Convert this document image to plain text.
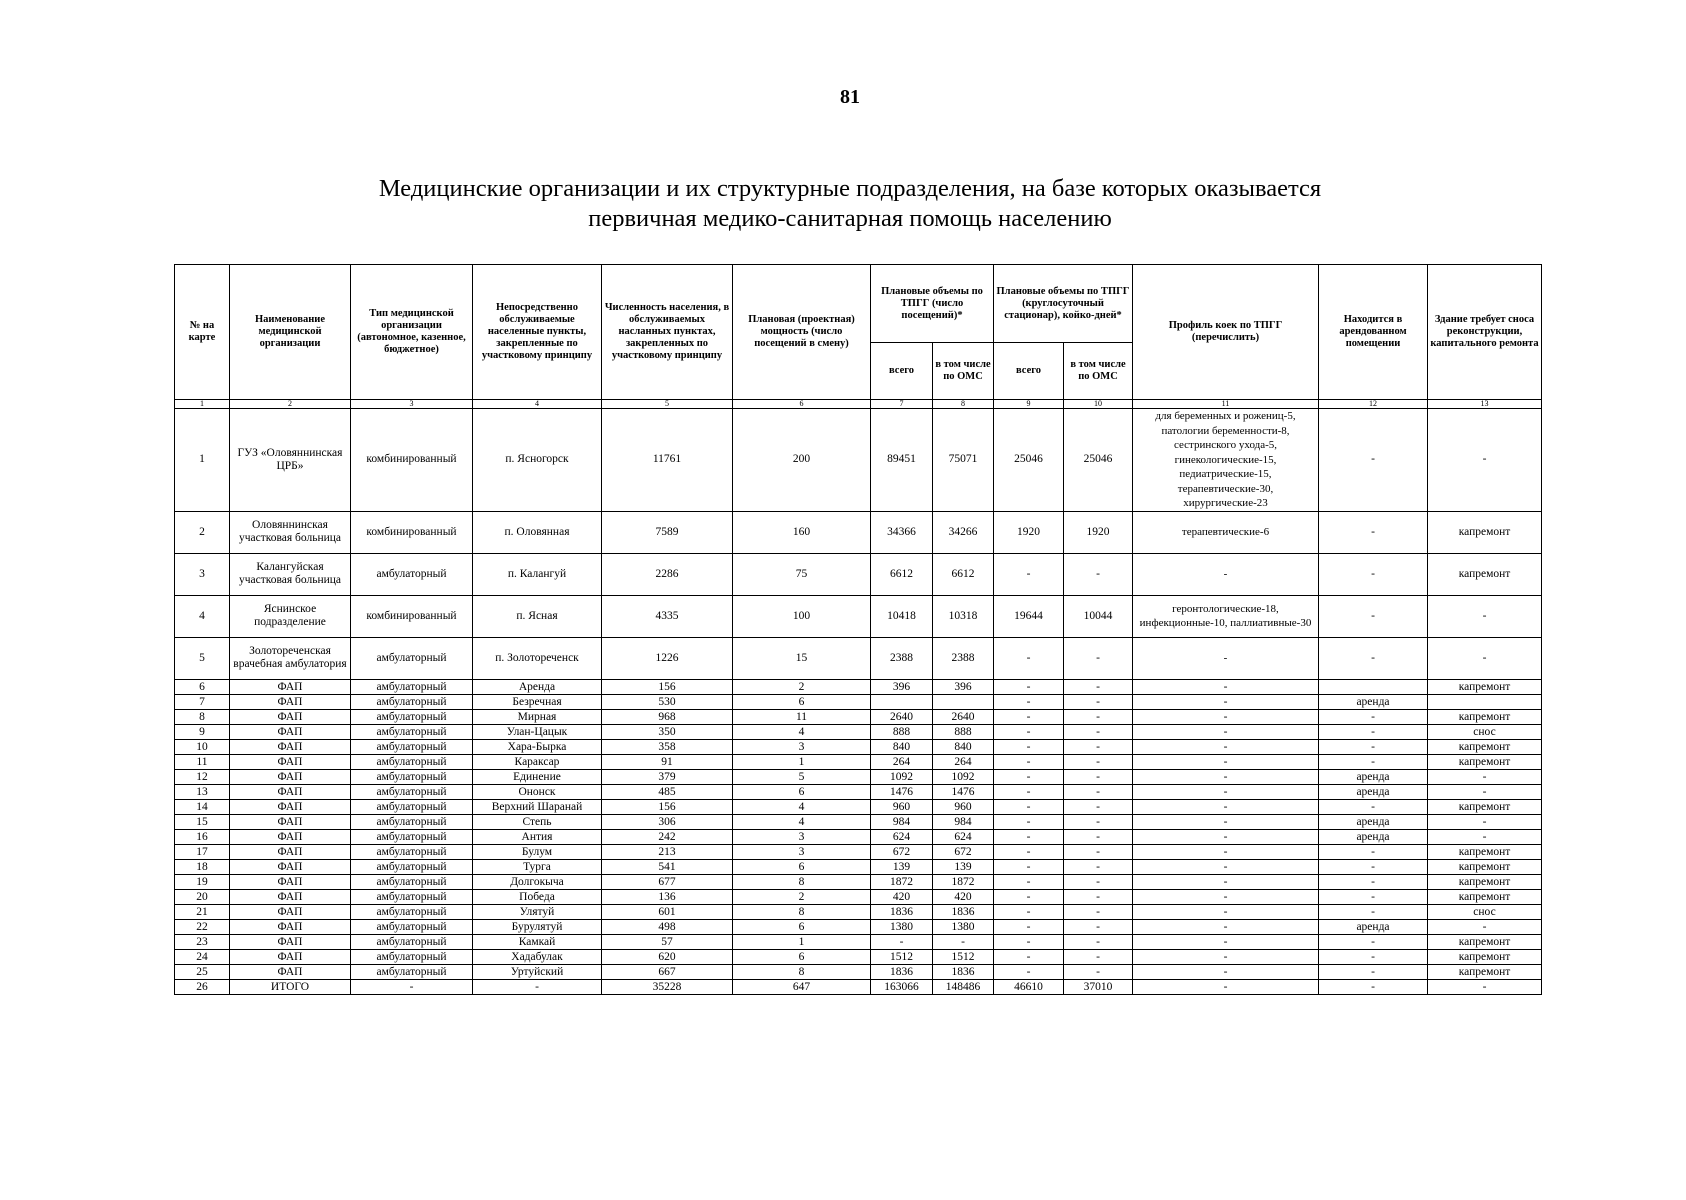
81
Медицинские организации и их структурные подразделения, на базе которых оказывается
первичная медико-санитарная помощь населению
№ на карте	Наименование медицинской организации	Тип медицинской организации (автономное, казенное, бюджетное)	Непосредственно обслуживаемые населенные пункты, закрепленные по участковому принципу	Численность населения, в обслуживаемых насланных пунктах, закрепленных по участковому принципу	Плановая (проектная) мощность (число посещений в смену)	Плановые объемы по ТПГГ (число посещений)*		Плановые объемы по ТПГГ (круглосуточный стационар), койко-дней*		Профиль коек по ТПГГ (перечислить)	Находится в арендованном помещении	Здание требует сноса реконструкции, капитального ремонта
						всего	в том числе по ОМС	всего	в том числе по ОМС			
1	2	3	4	5	6	7	8	9	10	11	12	13
1	ГУЗ «Оловяннинская ЦРБ»	комбинированный	п. Ясногорск	11761	200	89451	75071	25046	25046	для беременных и рожениц-5, патологии беременности-8, сестринского ухода-5, гинекологические-15, педиатрические-15, терапевтические-30, хирургические-23	-	-
2	Оловяннинская участковая больница	комбинированный	п. Оловянная	7589	160	34366	34266	1920	1920	терапевтические-6	-	капремонт
3	Калангуйская участковая больница	амбулаторный	п. Калангуй	2286	75	6612	6612	-	-	-	-	капремонт
4	Яснинское подразделение	комбинированный	п. Ясная	4335	100	10418	10318	19644	10044	геронтологические-18, инфекционные-10, паллиативные-30	-	-
5	Золотореченская врачебная амбулатория	амбулаторный	п. Золотореченск	1226	15	2388	2388	-	-	-	-	-
6	ФАП	амбулаторный	Аренда	156	2	396	396	-	-	-		капремонт
7	ФАП	амбулаторный	Безречная	530	6			-	-	-	аренда	
8	ФАП	амбулаторный	Мирная	968	11	2640	2640	-	-	-	-	капремонт
9	ФАП	амбулаторный	Улан-Цацык	350	4	888	888	-	-	-	-	снос
10	ФАП	амбулаторный	Хара-Бырка	358	3	840	840	-	-	-	-	капремонт
11	ФАП	амбулаторный	Караксар	91	1	264	264	-	-	-	-	капремонт
12	ФАП	амбулаторный	Единение	379	5	1092	1092	-	-	-	аренда	-
13	ФАП	амбулаторный	Ононск	485	6	1476	1476	-	-	-	аренда	-
14	ФАП	амбулаторный	Верхний Шаранай	156	4	960	960	-	-	-	-	капремонт
15	ФАП	амбулаторный	Степь	306	4	984	984	-	-	-	аренда	-
16	ФАП	амбулаторный	Антия	242	3	624	624	-	-	-	аренда	-
17	ФАП	амбулаторный	Булум	213	3	672	672	-	-	-	-	капремонт
18	ФАП	амбулаторный	Турга	541	6	139	139	-	-	-	-	капремонт
19	ФАП	амбулаторный	Долгокыча	677	8	1872	1872	-	-	-	-	капремонт
20	ФАП	амбулаторный	Победа	136	2	420	420	-	-	-	-	капремонт
21	ФАП	амбулаторный	Улятуй	601	8	1836	1836	-	-	-	-	снос
22	ФАП	амбулаторный	Бурулятуй	498	6	1380	1380	-	-	-	аренда	-
23	ФАП	амбулаторный	Камкай	57	1	-	-	-	-	-	-	капремонт
24	ФАП	амбулаторный	Хадабулак	620	6	1512	1512	-	-	-	-	капремонт
25	ФАП	амбулаторный	Уртуйский	667	8	1836	1836	-	-	-	-	капремонт
26	ИТОГО	-	-	35228	647	163066	148486	46610	37010	-	-	-
